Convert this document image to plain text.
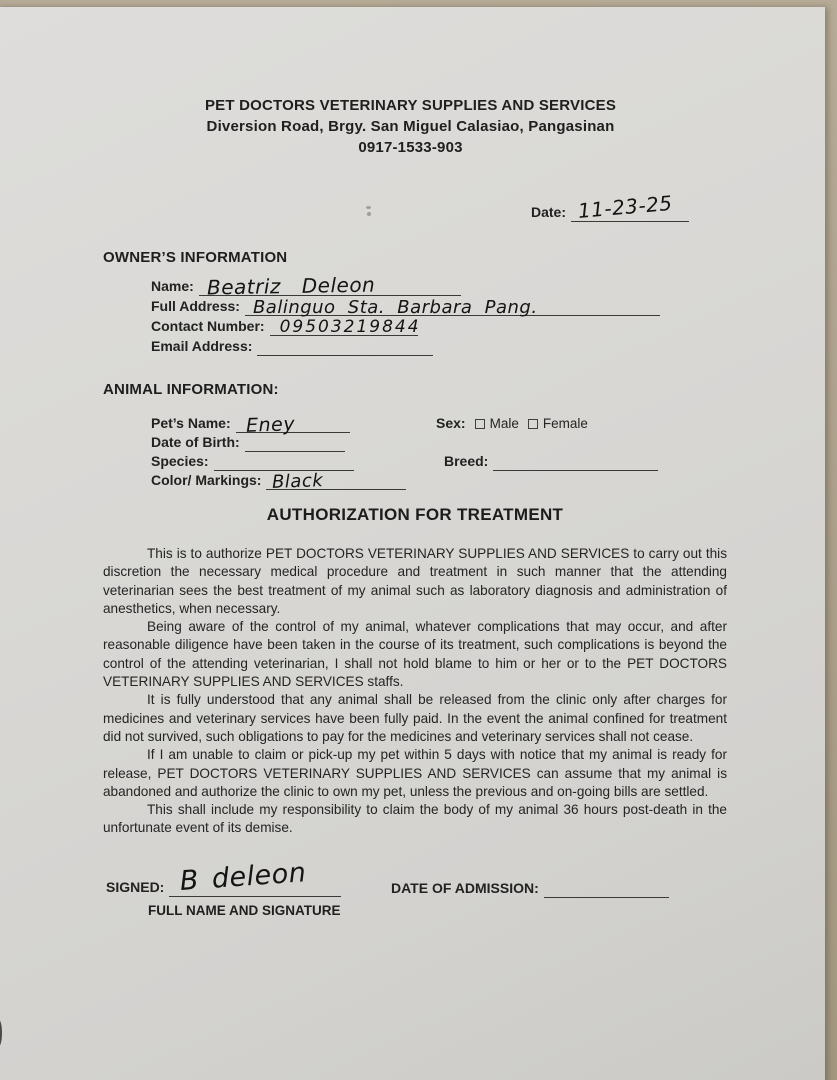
PET DOCTORS VETERINARY SUPPLIES AND SERVICES
Diversion Road, Brgy. San Miguel Calasiao, Pangasinan
0917-1533-903
Date: 11-23-25
OWNER’S INFORMATION
Name: Beatriz Deleon
Full Address: Balinguo Sta. Barbara Pang.
Contact Number: 09503219844
Email Address:
ANIMAL INFORMATION:
Pet’s Name: Eney	Sex: Male Female
Date of Birth:
Species:	Breed:
Color/ Markings: Black
AUTHORIZATION FOR TREATMENT

This is to authorize PET DOCTORS VETERINARY SUPPLIES AND SERVICES to carry out this discretion the necessary medical procedure and treatment in such manner that the attending veterinarian sees the best treatment of my animal such as laboratory diagnosis and administration of anesthetics, when necessary.

Being aware of the control of my animal, whatever complications that may occur, and after reasonable diligence have been taken in the course of its treatment, such complications is beyond the control of the attending veterinarian, I shall not hold blame to him or her or to the PET DOCTORS VETERINARY SUPPLIES AND SERVICES staffs.

It is fully understood that any animal shall be released from the clinic only after charges for medicines and veterinary services have been fully paid. In the event the animal confined for treatment did not survived, such obligations to pay for the medicines and veterinary services shall not cease.

If I am unable to claim or pick-up my pet within 5 days with notice that my animal is ready for release, PET DOCTORS VETERINARY SUPPLIES AND SERVICES can assume that my animal is abandoned and authorize the clinic to own my pet, unless the previous and on-going bills are settled.

This shall include my responsibility to claim the body of my animal 36 hours post-death in the unfortunate event of its demise.

SIGNED: B deleon
FULL NAME AND SIGNATURE
DATE OF ADMISSION:
